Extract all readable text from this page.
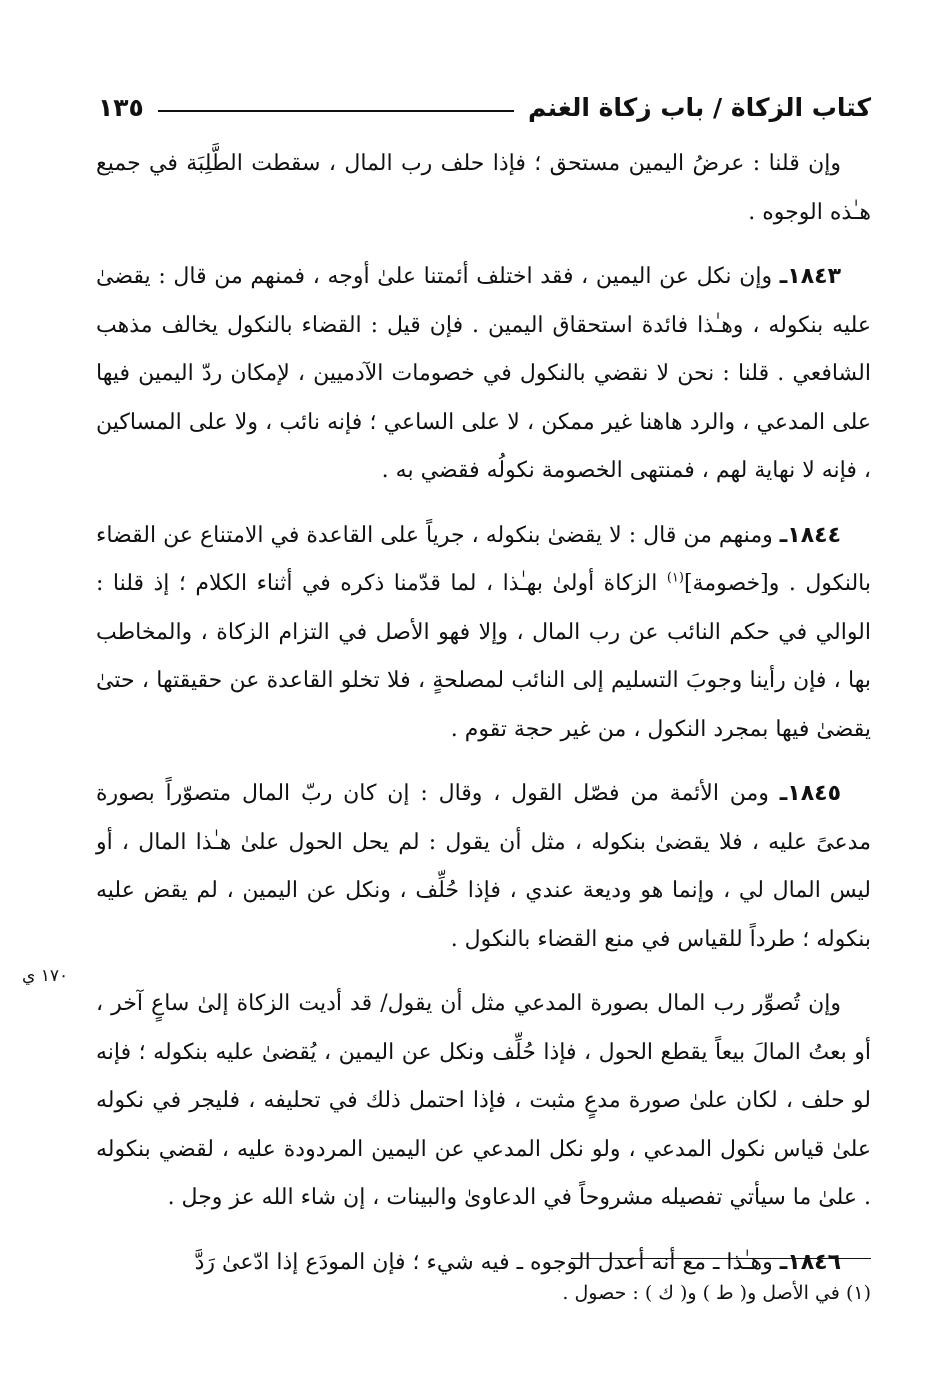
كتاب الزكاة / باب زكاة الغنم
١٣٥
١٧٠ ي

وإن قلنا : عرضُ اليمين مستحق ؛ فإذا حلف رب المال ، سقطت الطَّلِبَة في جميع هـٰذه الوجوه .

١٨٤٣ـ وإن نكل عن اليمين ، فقد اختلف أئمتنا علىٰ أوجه ، فمنهم من قال : يقضىٰ عليه بنكوله ، وهـٰذا فائدة استحقاق اليمين . فإن قيل : القضاء بالنكول يخالف مذهب الشافعي . قلنا : نحن لا نقضي بالنكول في خصومات الآدميين ، لإمكان ردّ اليمين فيها على المدعي ، والرد هاهنا غير ممكن ، لا على الساعي ؛ فإنه نائب ، ولا على المساكين ، فإنه لا نهاية لهم ، فمنتهى الخصومة نكولُه فقضي به .

١٨٤٤ـ ومنهم من قال : لا يقضىٰ بنكوله ، جرياً على القاعدة في الامتناع عن القضاء بالنكول . و[خصومة]$^{(١)}$ الزكاة أولىٰ بهـٰذا ، لما قدّمنا ذكره في أثناء الكلام ؛ إذ قلنا : الوالي في حكم النائب عن رب المال ، وإلا فهو الأصل في التزام الزكاة ، والمخاطب بها ، فإن رأينا وجوبَ التسليم إلى النائب لمصلحةٍ ، فلا تخلو القاعدة عن حقيقتها ، حتىٰ يقضىٰ فيها بمجرد النكول ، من غير حجة تقوم .

١٨٤٥ـ ومن الأئمة من فصّل القول ، وقال : إن كان ربّ المال متصوّراً بصورة مدعىً عليه ، فلا يقضىٰ بنكوله ، مثل أن يقول : لم يحل الحول علىٰ هـٰذا المال ، أو ليس المال لي ، وإنما هو وديعة عندي ، فإذا حُلِّف ، ونكل عن اليمين ، لم يقض عليه بنكوله ؛ طرداً للقياس في منع القضاء بالنكول .

وإن تُصوِّر رب المال بصورة المدعي مثل أن يقول/ قد أديت الزكاة إلىٰ ساعٍ آخر ، أو بعتُ المالَ بيعاً يقطع الحول ، فإذا حُلِّف ونكل عن اليمين ، يُقضىٰ عليه بنكوله ؛ فإنه لو حلف ، لكان علىٰ صورة مدعٍ مثبت ، فإذا احتمل ذلك في تحليفه ، فليجر في نكوله علىٰ قياس نكول المدعي ، ولو نكل المدعي عن اليمين المردودة عليه ، لقضي بنكوله . علىٰ ما سيأتي تفصيله مشروحاً في الدعاوىٰ والبينات ، إن شاء الله عز وجل .

١٨٤٦ـ وهـٰذا ـ مع أنه أعدل الوجوه ـ فيه شيء ؛ فإن المودَع إذا ادّعىٰ رَدَّ

(١) في الأصل و( ط ) و( ك ) : حصول .
